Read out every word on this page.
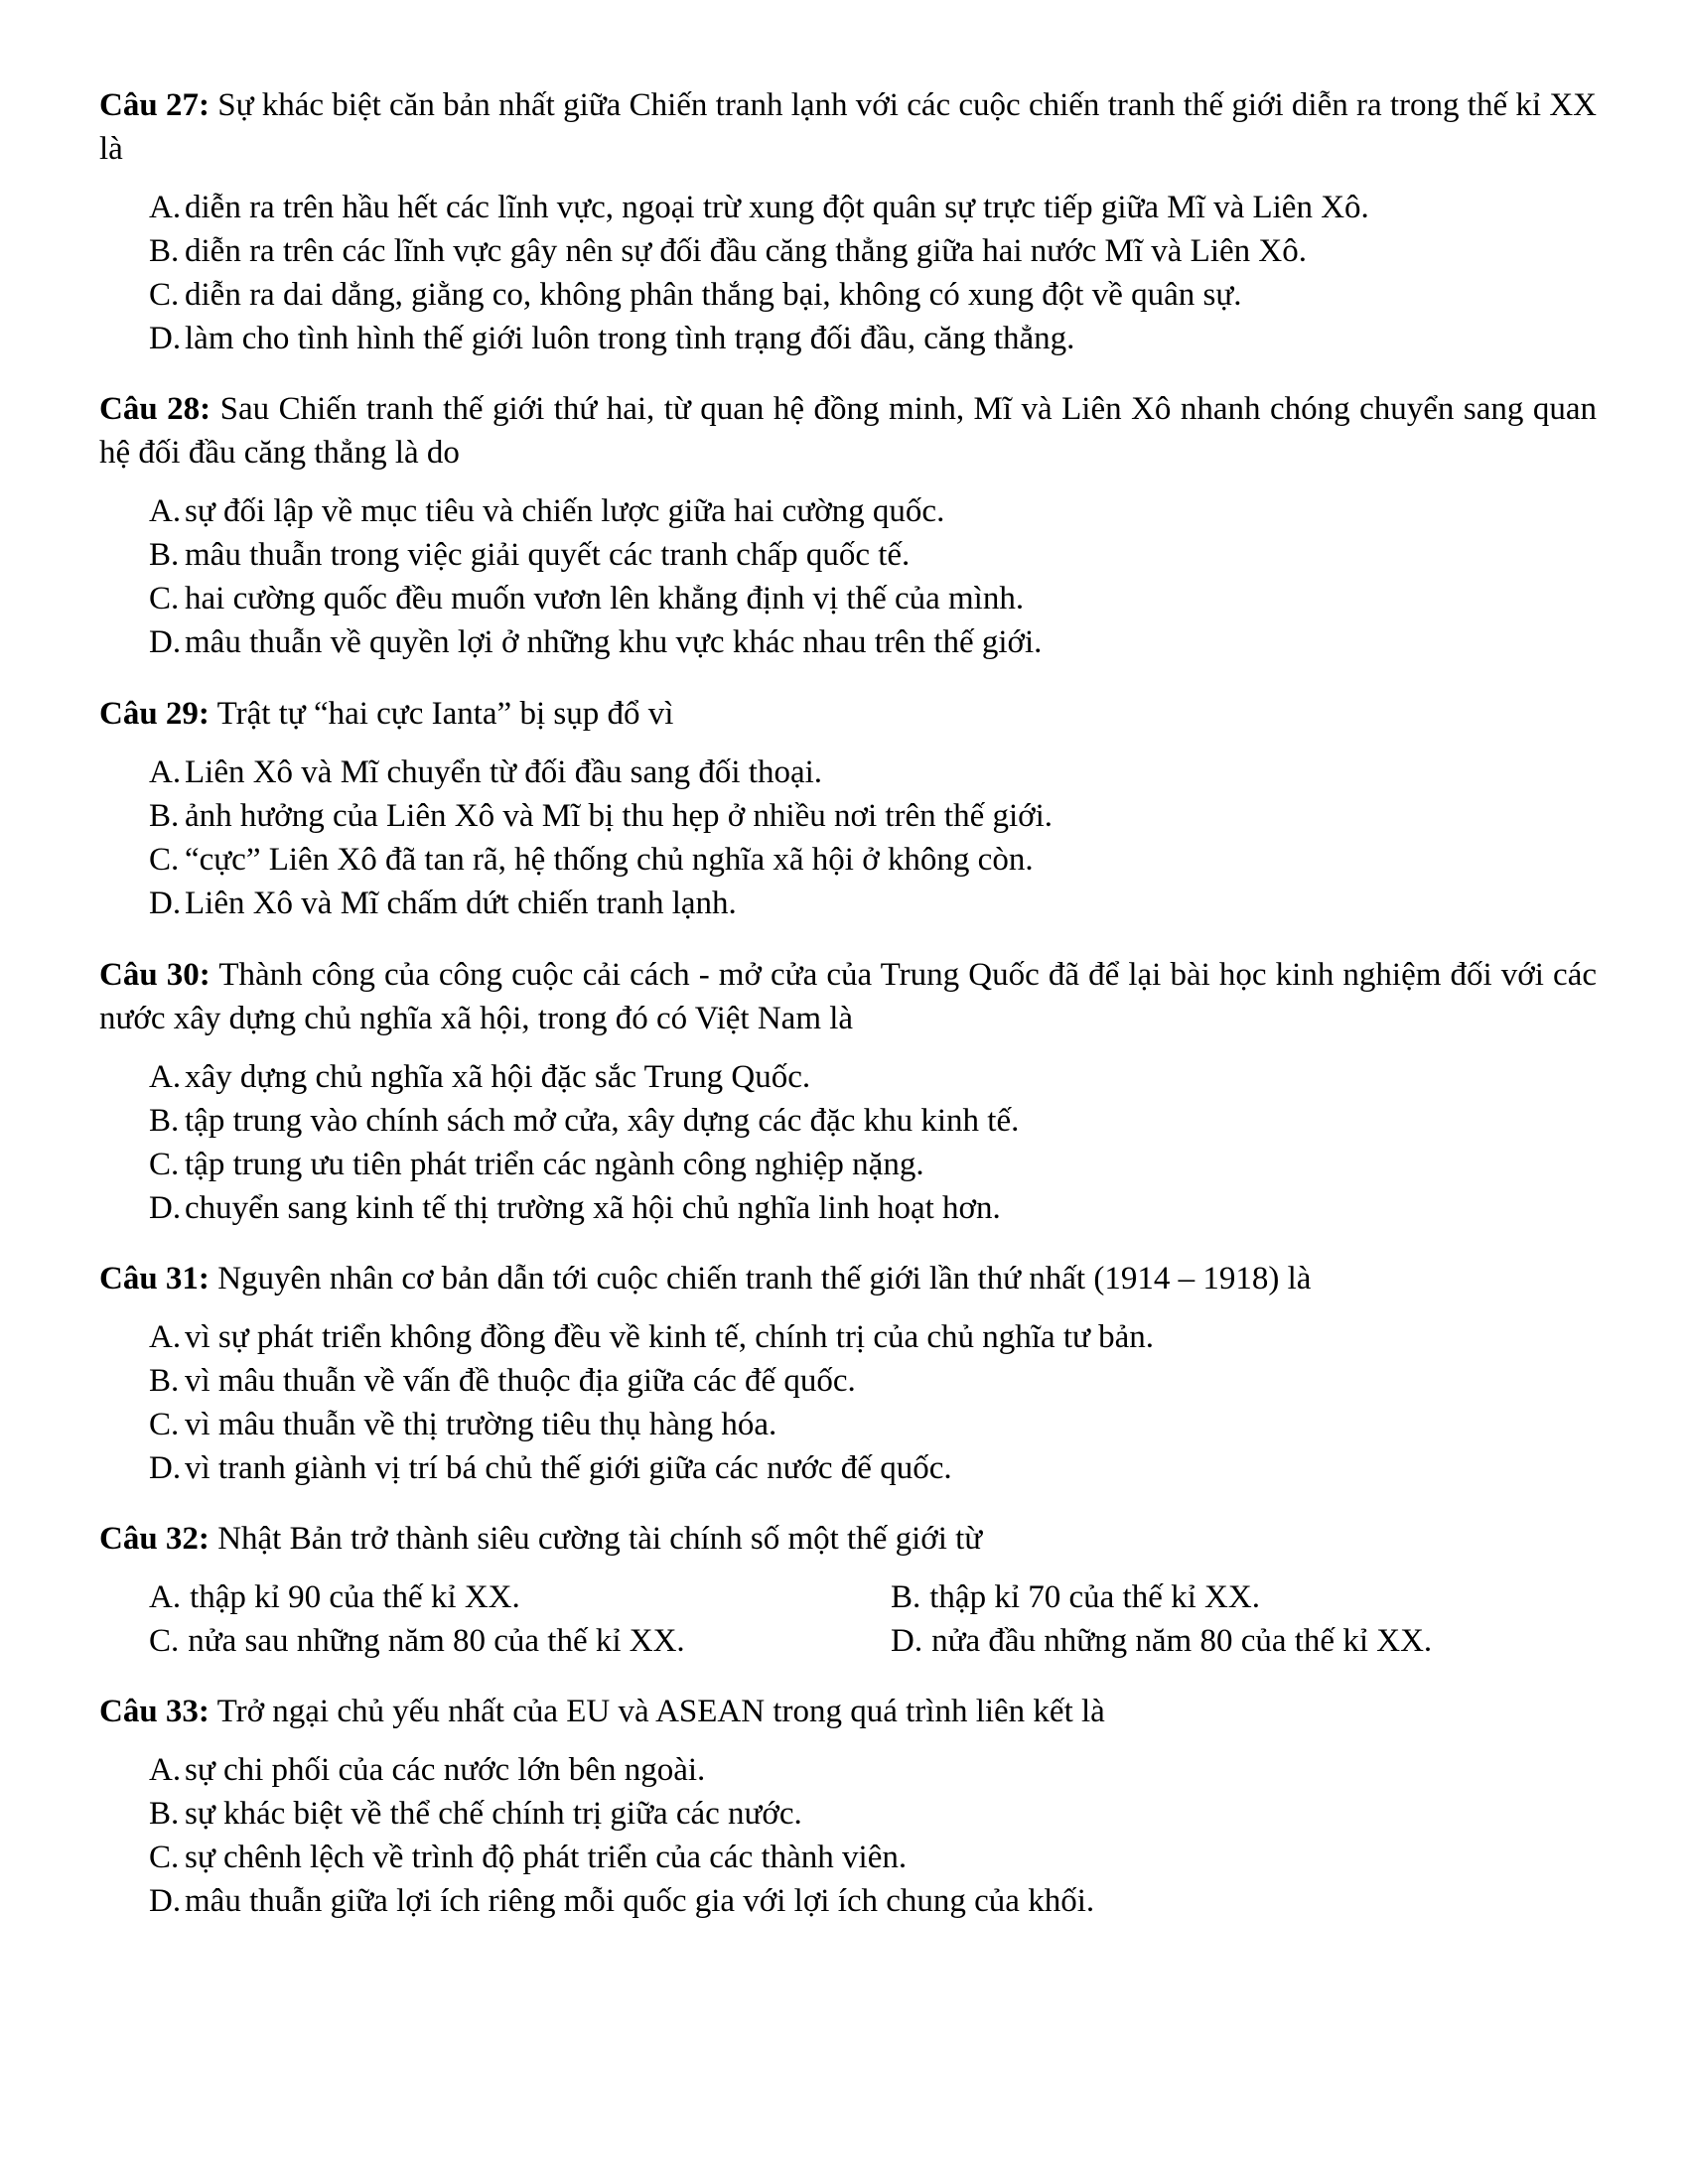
Câu 27: Sự khác biệt căn bản nhất giữa Chiến tranh lạnh với các cuộc chiến tranh thế giới diễn ra trong thế kỉ XX là

A. diễn ra trên hầu hết các lĩnh vực, ngoại trừ xung đột quân sự trực tiếp giữa Mĩ và Liên Xô.
B. diễn ra trên các lĩnh vực gây nên sự đối đầu căng thẳng giữa hai nước Mĩ và Liên Xô.
C. diễn ra dai dẳng, giằng co, không phân thắng bại, không có xung đột về quân sự.
D. làm cho tình hình thế giới luôn trong tình trạng đối đầu, căng thẳng.

Câu 28: Sau Chiến tranh thế giới thứ hai, từ quan hệ đồng minh, Mĩ và Liên Xô nhanh chóng chuyển sang quan hệ đối đầu căng thẳng là do

A. sự đối lập về mục tiêu và chiến lược giữa hai cường quốc.
B. mâu thuẫn trong việc giải quyết các tranh chấp quốc tế.
C. hai cường quốc đều muốn vươn lên khẳng định vị thế của mình.
D. mâu thuẫn về quyền lợi ở những khu vực khác nhau trên thế giới.

Câu 29: Trật tự “hai cực Ianta” bị sụp đổ vì

A. Liên Xô và Mĩ chuyển từ đối đầu sang đối thoại.
B. ảnh hưởng của Liên Xô và Mĩ bị thu hẹp ở nhiều nơi trên thế giới.
C. “cực” Liên Xô đã tan rã, hệ thống chủ nghĩa xã hội ở không còn.
D. Liên Xô và Mĩ chấm dứt chiến tranh lạnh.

Câu 30: Thành công của công cuộc cải cách - mở cửa của Trung Quốc đã để lại bài học kinh nghiệm đối với các nước xây dựng chủ nghĩa xã hội, trong đó có Việt Nam là

A. xây dựng chủ nghĩa xã hội đặc sắc Trung Quốc.
B. tập trung vào chính sách mở cửa, xây dựng các đặc khu kinh tế.
C. tập trung ưu tiên phát triển các ngành công nghiệp nặng.
D. chuyển sang kinh tế thị trường xã hội chủ nghĩa linh hoạt hơn.

Câu 31: Nguyên nhân cơ bản dẫn tới cuộc chiến tranh thế giới lần thứ nhất (1914 – 1918) là

A. vì sự phát triển không đồng đều về kinh tế, chính trị của chủ nghĩa tư bản.
B. vì mâu thuẫn về vấn đề thuộc địa giữa các đế quốc.
C. vì mâu thuẫn về thị trường tiêu thụ hàng hóa.
D. vì tranh giành vị trí bá chủ thế giới giữa các nước đế quốc.

Câu 32: Nhật Bản trở thành siêu cường tài chính số một thế giới từ

A. thập kỉ 90 của thế kỉ XX.	B. thập kỉ 70 của thế kỉ XX.
C. nửa sau những năm 80 của thế kỉ XX.	D. nửa đầu những năm 80 của thế kỉ XX.

Câu 33: Trở ngại chủ yếu nhất của EU và ASEAN trong quá trình liên kết là

A. sự chi phối của các nước lớn bên ngoài.
B. sự khác biệt về thể chế chính trị giữa các nước.
C. sự chênh lệch về trình độ phát triển của các thành viên.
D. mâu thuẫn giữa lợi ích riêng mỗi quốc gia với lợi ích chung của khối.
